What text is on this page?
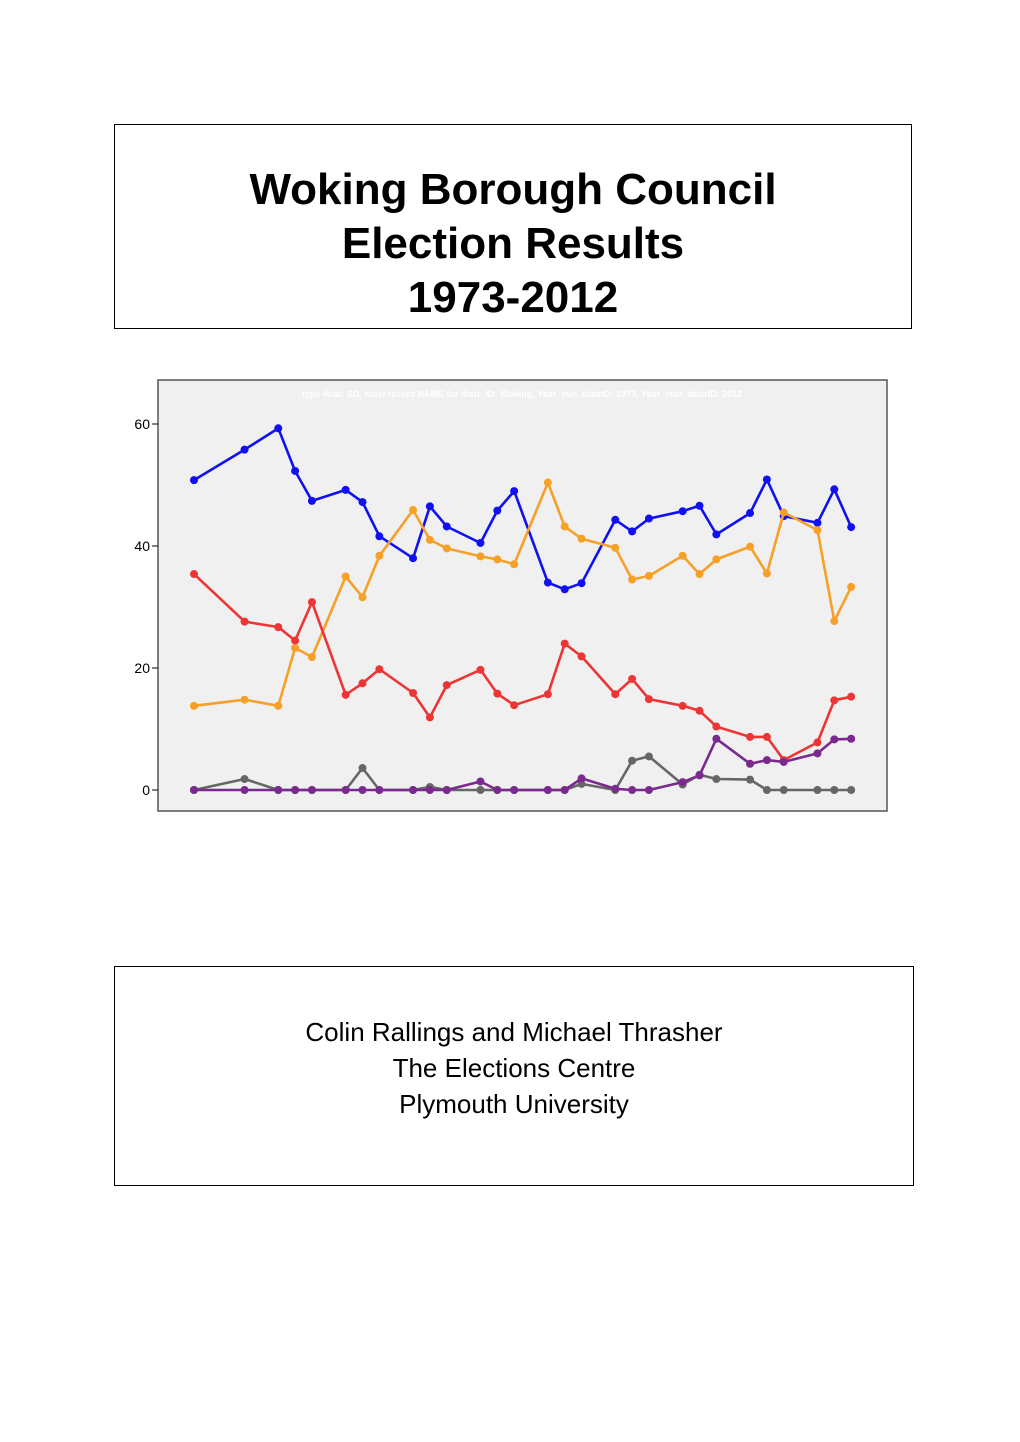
Woking Borough Council
Election Results
1973-2012
type 4cat: SD, most recent NAME for distr_ID: Woking, Year_min_distrID: 1973, Year_max_distrID: 2012
0
20
40
60
Colin Rallings and Michael Thrasher
The Elections Centre
Plymouth University
